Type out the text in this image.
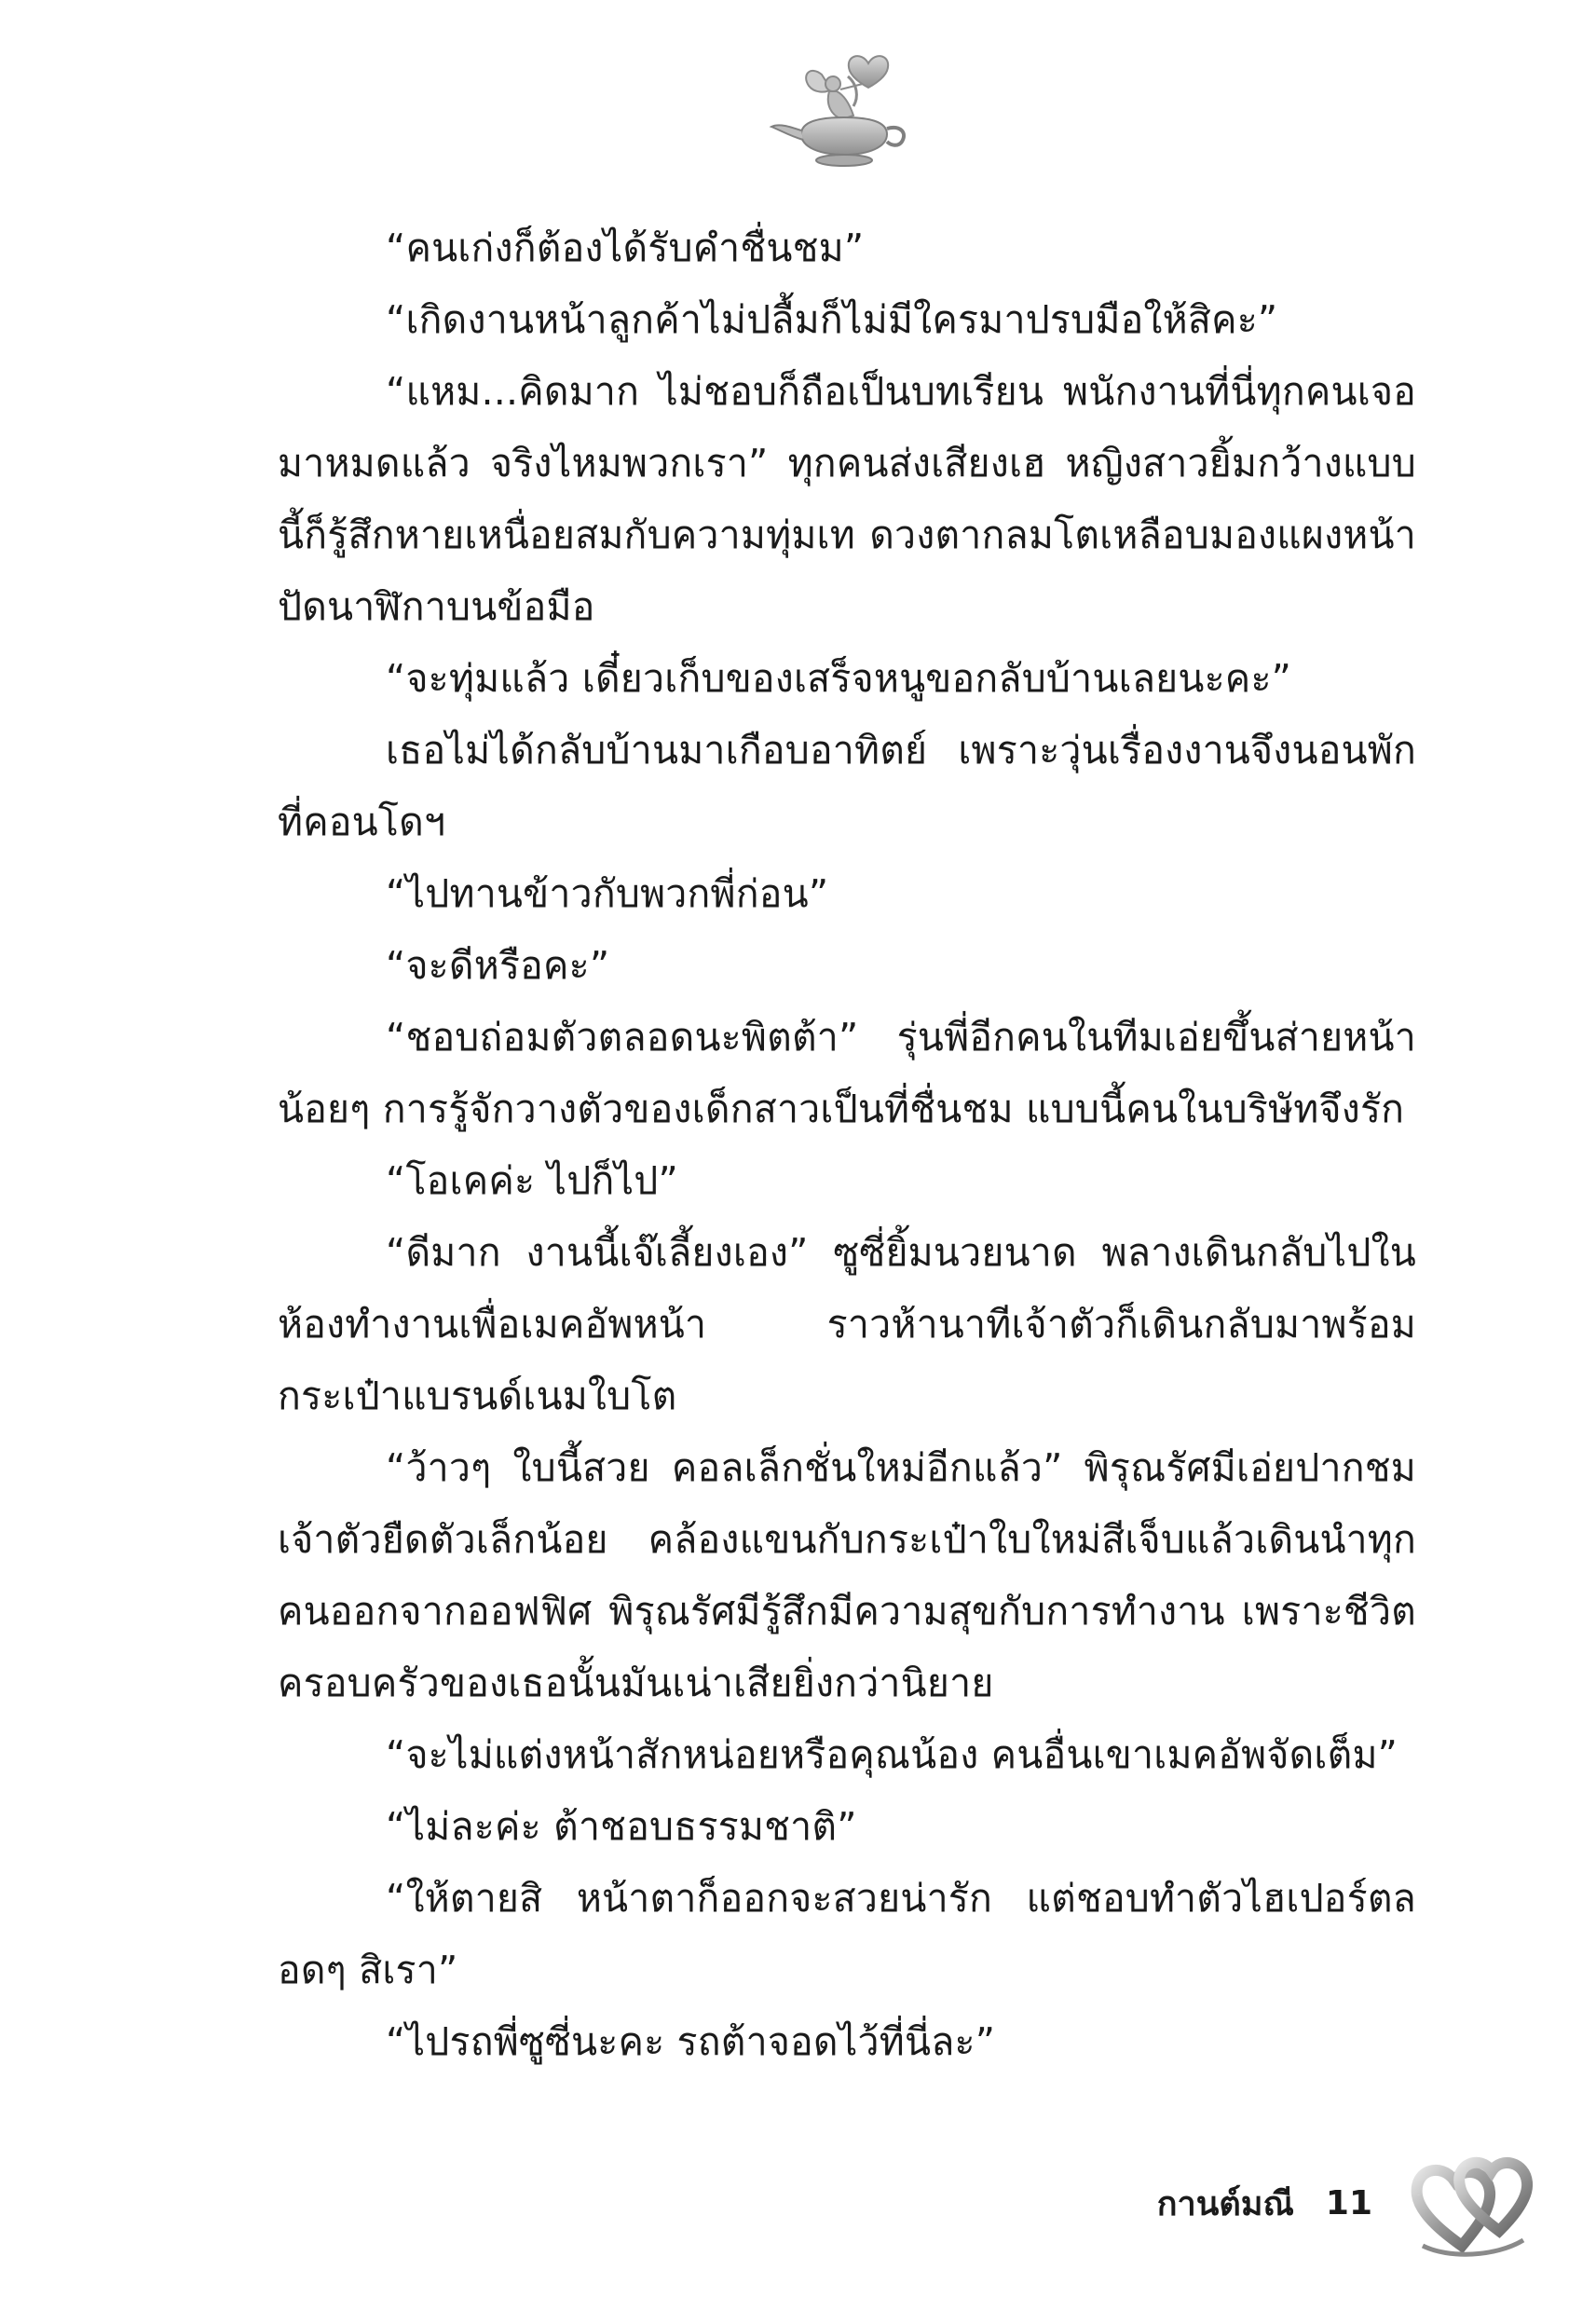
“คนเก่งก็ต้องได้รับคำชื่นชม”

“เกิดงานหน้าลูกค้าไม่ปลื้มก็ไม่มีใครมาปรบมือให้สิคะ”

“แหม...คิดมาก ไม่ชอบก็ถือเป็นบทเรียน พนักงานที่นี่ทุกคนเจอมาหมดแล้ว จริงไหมพวกเรา” ทุกคนส่งเสียงเฮ หญิงสาวยิ้มกว้างแบบนี้ก็รู้สึกหายเหนื่อยสมกับความทุ่มเท ดวงตากลมโตเหลือบมองแผงหน้าปัดนาฬิกาบนข้อมือ

“จะทุ่มแล้ว เดี๋ยวเก็บของเสร็จหนูขอกลับบ้านเลยนะคะ”

เธอไม่ได้กลับบ้านมาเกือบอาทิตย์ เพราะวุ่นเรื่องงานจึงนอนพักที่คอนโดฯ

“ไปทานข้าวกับพวกพี่ก่อน”

“จะดีหรือคะ”

“ชอบถ่อมตัวตลอดนะพิตต้า” รุ่นพี่อีกคนในทีมเอ่ยขึ้นส่ายหน้าน้อยๆ การรู้จักวางตัวของเด็กสาวเป็นที่ชื่นชม แบบนี้คนในบริษัทจึงรัก

“โอเคค่ะ ไปก็ไป”

“ดีมาก งานนี้เจ๊เลี้ยงเอง” ซูซี่ยิ้มนวยนาด พลางเดินกลับไปในห้องทำงานเพื่อเมคอัพหน้า ราวห้านาทีเจ้าตัวก็เดินกลับมาพร้อมกระเป๋าแบรนด์เนมใบโต

“ว้าวๆ ใบนี้สวย คอลเล็กชั่นใหม่อีกแล้ว” พิรุณรัศมีเอ่ยปากชมเจ้าตัวยืดตัวเล็กน้อย คล้องแขนกับกระเป๋าใบใหม่สีเจ็บแล้วเดินนำทุกคนออกจากออฟฟิศ พิรุณรัศมีรู้สึกมีความสุขกับการทำงาน เพราะชีวิตครอบครัวของเธอนั้นมันเน่าเสียยิ่งกว่านิยาย

“จะไม่แต่งหน้าสักหน่อยหรือคุณน้อง คนอื่นเขาเมคอัพจัดเต็ม”

“ไม่ละค่ะ ต้าชอบธรรมชาติ”

“ให้ตายสิ หน้าตาก็ออกจะสวยน่ารัก แต่ชอบทำตัวไฮเปอร์ตลอดๆ สิเรา”

“ไปรถพี่ซูซี่นะคะ รถต้าจอดไว้ที่นี่ละ”

กานต์มณี 11
